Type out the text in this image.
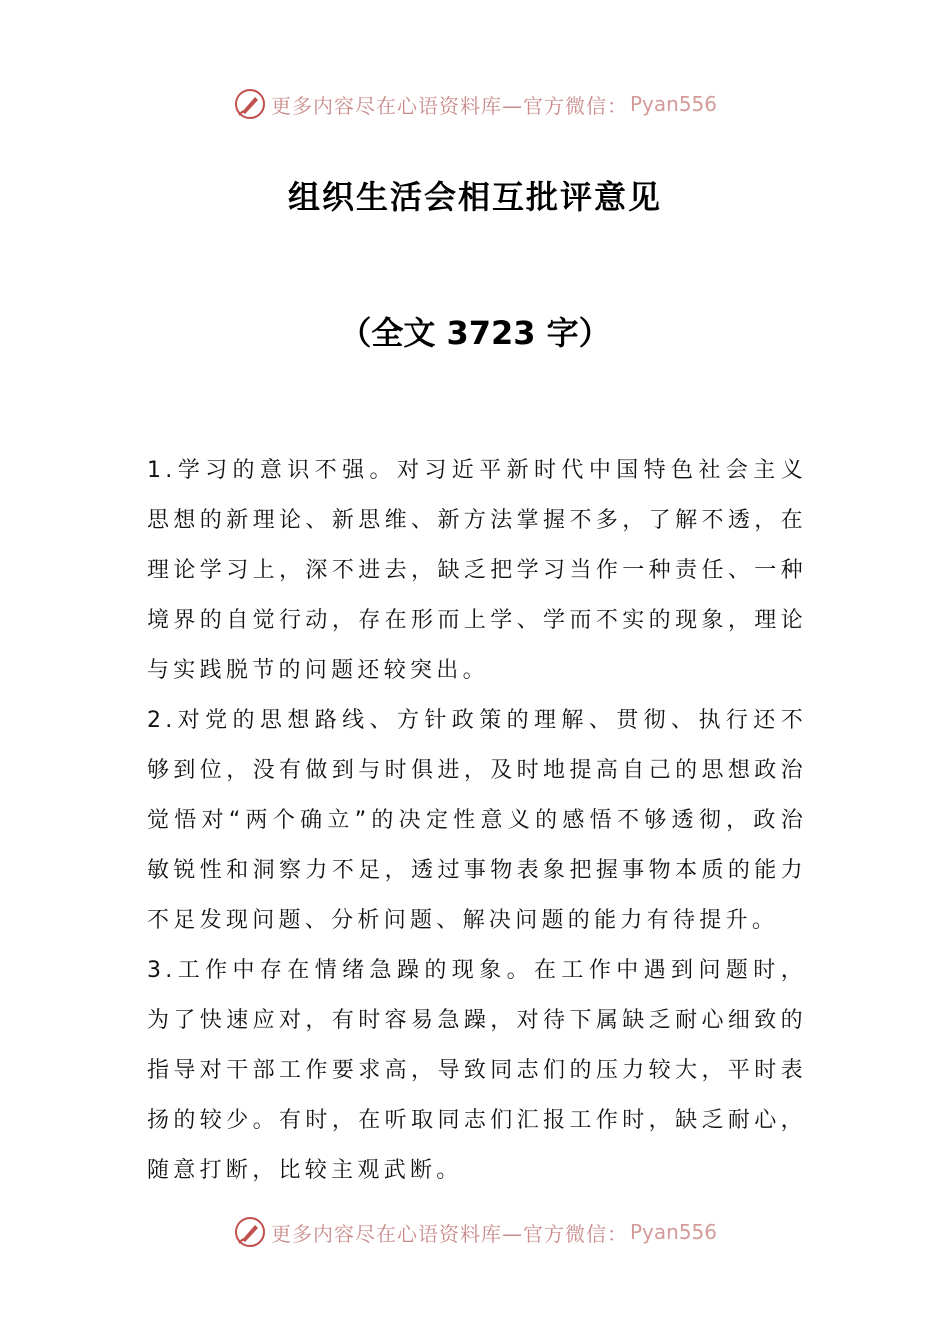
更多内容尽在心语资料库—官方微信： Pyan556
组织生活会相互批评意见
（全文 3723 字）

1.学习的意识不强。对习近平新时代中国特色社会主义思想的新理论、新思维、新方法掌握不多，了解不透，在理论学习上，深不进去，缺乏把学习当作一种责任、一种境界的自觉行动，存在形而上学、学而不实的现象，理论与实践脱节的问题还较突出。

2.对党的思想路线、方针政策的理解、贯彻、执行还不够到位，没有做到与时俱进，及时地提高自己的思想政治觉悟对“两个确立”的决定性意义的感悟不够透彻，政治敏锐性和洞察力不足，透过事物表象把握事物本质的能力不足发现问题、分析问题、解决问题的能力有待提升。

3.工作中存在情绪急躁的现象。在工作中遇到问题时，为了快速应对，有时容易急躁，对待下属缺乏耐心细致的指导对干部工作要求高，导致同志们的压力较大，平时表扬的较少。有时，在听取同志们汇报工作时，缺乏耐心，随意打断，比较主观武断。

更多内容尽在心语资料库—官方微信： Pyan556
